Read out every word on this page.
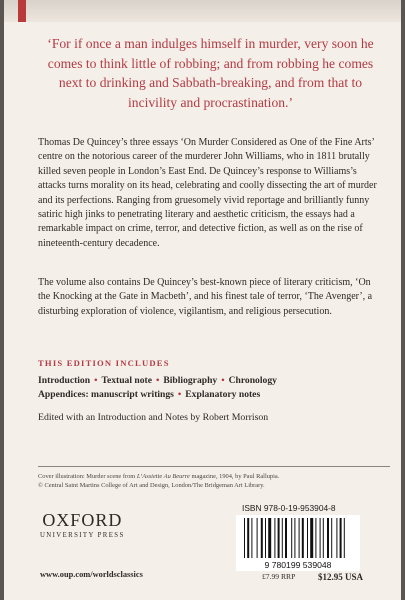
‘For if once a man indulges himself in murder, very soon he comes to think little of robbing; and from robbing he comes next to drinking and Sabbath-breaking, and from that to incivility and procrastination.’
Thomas De Quincey’s three essays ‘On Murder Considered as One of the Fine Arts’ centre on the notorious career of the murderer John Williams, who in 1811 brutally killed seven people in London’s East End. De Quincey’s response to Williams’s attacks turns morality on its head, celebrating and coolly dissecting the art of murder and its perfections. Ranging from gruesomely vivid reportage and brilliantly funny satiric high jinks to penetrating literary and aesthetic criticism, the essays had a remarkable impact on crime, terror, and detective fiction, as well as on the rise of nineteenth-century decadence.
The volume also contains De Quincey’s best-known piece of literary criticism, ‘On the Knocking at the Gate in Macbeth’, and his finest tale of terror, ‘The Avenger’, a disturbing exploration of violence, vigilantism, and religious persecution.
THIS EDITION INCLUDES
Introduction • Textual note • Bibliography • Chronology
Appendices: manuscript writings • Explanatory notes
Edited with an Introduction and Notes by Robert Morrison
Cover illustration: Murder scene from L’Assiette Au Beurre magazine, 1904, by Paul Rallupia.
© Central Saint Martins College of Art and Design, London/The Bridgeman Art Library.
OXFORD
UNIVERSITY PRESS
www.oup.com/worldsclassics
ISBN 978-0-19-953904-8
9 780199 539048
£7.99 RRP	$12.95 USA
